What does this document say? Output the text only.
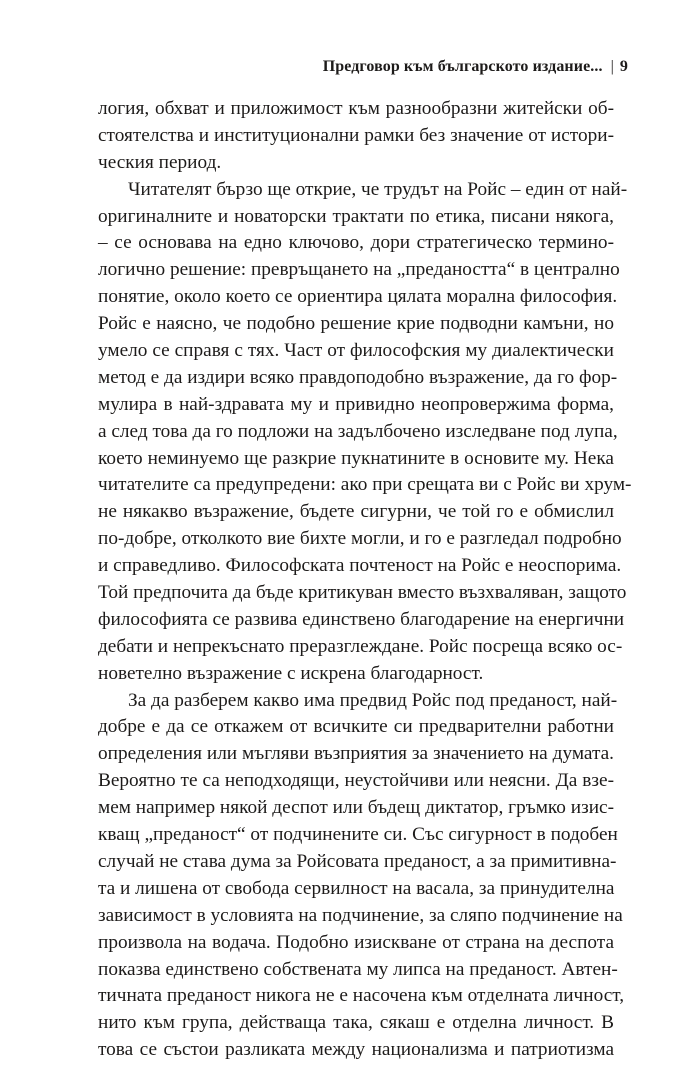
Предговор към българското издание... | 9
логия, обхват и приложимост към разнообразни житейски об-
стоятелства и институционални рамки без значение от истори-
ческия период.
Читателят бързо ще открие, че трудът на Ройс – един от най-
оригиналните и новаторски трактати по етика, писани някога,
– се основава на едно ключово, дори стратегическо термино-
логично решение: превръщането на „предаността“ в централно
понятие, около което се ориентира цялата морална философия.
Ройс е наясно, че подобно решение крие подводни камъни, но
умело се справя с тях. Част от философския му диалектически
метод е да издири всяко правдоподобно възражение, да го фор-
мулира в най-здравата му и привидно неопровержима форма,
а след това да го подложи на задълбочено изследване под лупа,
което неминуемо ще разкрие пукнатините в основите му. Нека
читателите са предупредени: ако при срещата ви с Ройс ви хрум-
не някакво възражение, бъдете сигурни, че той го е обмислил
по-добре, отколкото вие бихте могли, и го е разгледал подробно
и справедливо. Философската почтеност на Ройс е неоспорима.
Той предпочита да бъде критикуван вместо възхваляван, защото
философията се развива единствено благодарение на енергични
дебати и непрекъснато преразглеждане. Ройс посреща всяко ос-
новетелно възражение с искрена благодарност.
За да разберем какво има предвид Ройс под преданост, най-
добре е да се откажем от всичките си предварителни работни
определения или мъгляви възприятия за значението на думата.
Вероятно те са неподходящи, неустойчиви или неясни. Да взе-
мем например някой деспот или бъдещ диктатор, гръмко изис-
кващ „преданост“ от подчинените си. Със сигурност в подобен
случай не става дума за Ройсовата преданост, а за примитивна-
та и лишена от свобода сервилност на васала, за принудителна
зависимост в условията на подчинение, за сляпо подчинение на
произвола на водача. Подобно изискване от страна на деспота
показва единствено собствената му липса на преданост. Автен-
тичната преданост никога не е насочена към отделната личност,
нито към група, действаща така, сякаш е отделна личност. В
това се състои разликата между национализма и патриотизма
